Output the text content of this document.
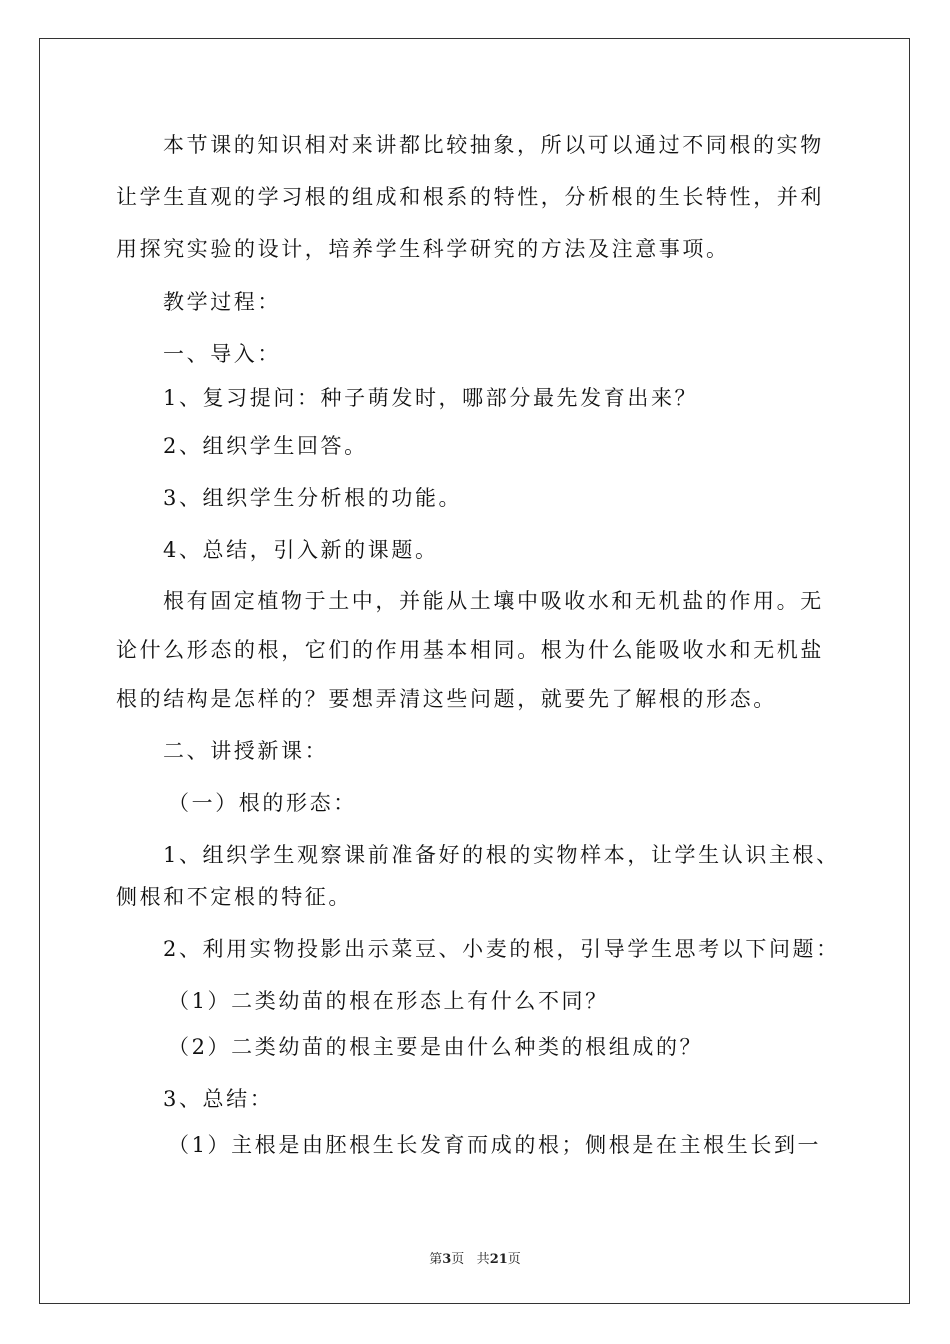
本节课的知识相对来讲都比较抽象，所以可以通过不同根的实物
让学生直观的学习根的组成和根系的特性，分析根的生长特性，并利
用探究实验的设计，培养学生科学研究的方法及注意事项。
教学过程：
一、导入：
1、复习提问：种子萌发时，哪部分最先发育出来？
2、组织学生回答。
3、组织学生分析根的功能。
4、总结，引入新的课题。
根有固定植物于土中，并能从土壤中吸收水和无机盐的作用。无
论什么形态的根，它们的作用基本相同。根为什么能吸收水和无机盐
根的结构是怎样的？要想弄清这些问题，就要先了解根的形态。
二、讲授新课：
（一）根的形态：
1、组织学生观察课前准备好的根的实物样本，让学生认识主根、
侧根和不定根的特征。
2、利用实物投影出示菜豆、小麦的根，引导学生思考以下问题：
（1）二类幼苗的根在形态上有什么不同？
（2）二类幼苗的根主要是由什么种类的根组成的？
3、总结：
（1）主根是由胚根生长发育而成的根；侧根是在主根生长到一
第3页 共21页
